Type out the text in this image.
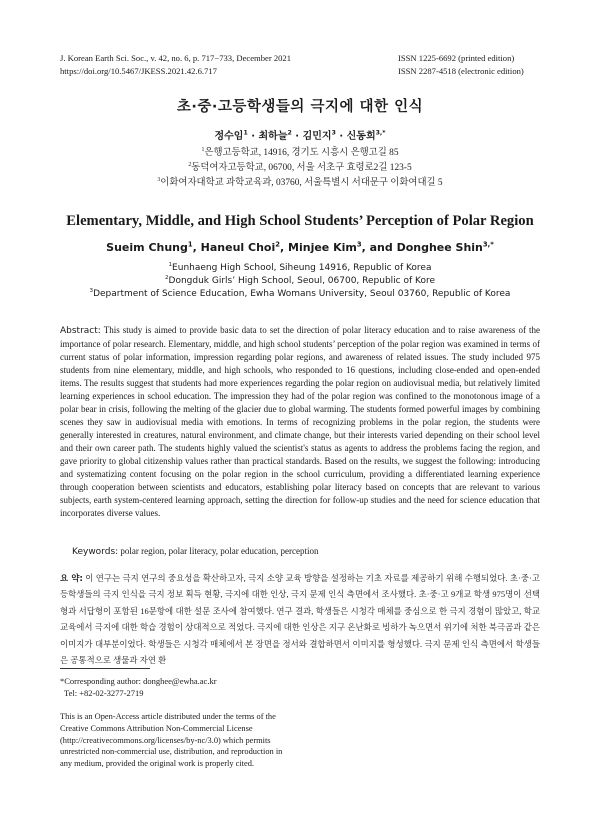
J. Korean Earth Sci. Soc., v. 42, no. 6, p. 717−733, December 2021
https://doi.org/10.5467/JKESS.2021.42.6.717
ISSN 1225-6692 (printed edition)
ISSN 2287-4518 (electronic edition)
초·중·고등학생들의 극지에 대한 인식
정수임$^1$ · 최하늘$^2$ · 김민지$^3$ · 신동희$^{3,*}$
$^1$은행고등학교, 14916, 경기도 시흥시 은행고길 85
$^2$동덕여자고등학교, 06700, 서울 서초구 효령로2길 123-5
$^3$이화여자대학교 과학교육과, 03760, 서울특별시 서대문구 이화여대길 5
Elementary, Middle, and High School Students’ Perception of Polar Region
Sueim Chung$^1$, Haneul Choi$^2$, Minjee Kim$^3$, and Donghee Shin$^{3,*}$
$^1$Eunhaeng High School, Siheung 14916, Republic of Korea
$^2$Dongduk Girls’ High School, Seoul, 06700, Republic of Kore
$^3$Department of Science Education, Ewha Womans University, Seoul 03760, Republic of Korea
Abstract: This study is aimed to provide basic data to set the direction of polar literacy education and to raise awareness of the importance of polar research. Elementary, middle, and high school students’ perception of the polar region was examined in terms of current status of polar information, impression regarding polar regions, and awareness of related issues. The study included 975 students from nine elementary, middle, and high schools, who responded to 16 questions, including close-ended and open-ended items. The results suggest that students had more experiences regarding the polar region on audiovisual media, but relatively limited learning experiences in school education. The impression they had of the polar region was confined to the monotonous image of a polar bear in crisis, following the melting of the glacier due to global warming. The students formed powerful images by combining scenes they saw in audiovisual media with emotions. In terms of recognizing problems in the polar region, the students were generally interested in creatures, natural environment, and climate change, but their interests varied depending on their school level and their own career path. The students highly valued the scientist's status as agents to address the problems facing the region, and gave priority to global citizenship values rather than practical standards. Based on the results, we suggest the following: introducing and systematizing content focusing on the polar region in the school curriculum, providing a differentiated learning experience through cooperation between scientists and educators, establishing polar literacy based on concepts that are relevant to various subjects, earth system-centered learning approach, setting the direction for follow-up studies and the need for science education that incorporates diverse values.
Keywords: polar region, polar literacy, polar education, perception
요 약: 이 연구는 극지 연구의 중요성을 확산하고자, 극지 소양 교육 방향을 설정하는 기초 자료를 제공하기 위해 수행되었다. 초·중·고등학생들의 극지 인식을 극지 정보 획득 현황, 극지에 대한 인상, 극지 문제 인식 측면에서 조사했다. 초·중·고 9개교 학생 975명이 선택형과 서답형이 포함된 16문항에 대한 설문 조사에 참여했다. 연구 결과, 학생들은 시청각 매체를 중심으로 한 극지 경험이 많았고, 학교 교육에서 극지에 대한 학습 경험이 상대적으로 적었다. 극지에 대한 인상은 지구 온난화로 빙하가 녹으면서 위기에 처한 북극곰과 같은 이미지가 대부분이었다. 학생들은 시청각 매체에서 본 장면을 정서와 결합하면서 이미지를 형성했다. 극지 문제 인식 측면에서 학생들은 공통적으로 생물과 자연 환
*Corresponding author: donghee@ewha.ac.kr
Tel: +82-02-3277-2719
This is an Open-Access article distributed under the terms of the Creative Commons Attribution Non-Commercial License (http://creativecommons.org/licenses/by-nc/3.0) which permits unrestricted non-commercial use, distribution, and reproduction in any medium, provided the original work is properly cited.
